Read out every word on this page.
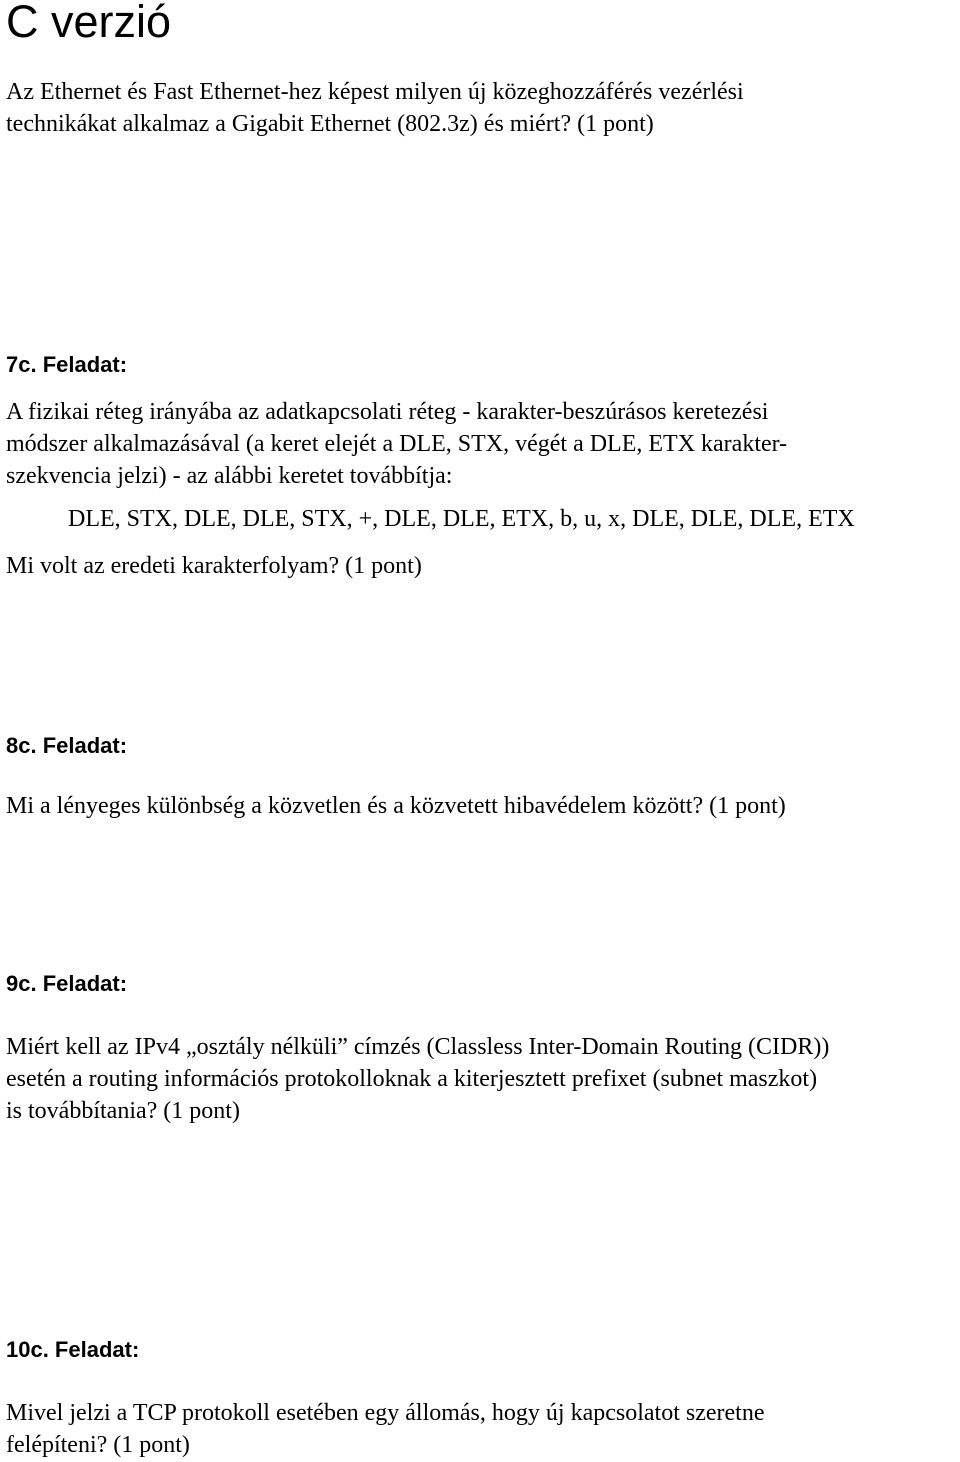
C verzió

Az Ethernet és Fast Ethernet-hez képest milyen új közeghozzáférés vezérlési
technikákat alkalmaz a Gigabit Ethernet (802.3z) és miért? (1 pont)

7c. Feladat:

A fizikai réteg irányába az adatkapcsolati réteg - karakter-beszúrásos keretezési
módszer alkalmazásával (a keret elejét a DLE, STX, végét a DLE, ETX karakter-
szekvencia jelzi) - az alábbi keretet továbbítja:

DLE, STX, DLE, DLE, STX, +, DLE, DLE, ETX, b, u, x, DLE, DLE, DLE, ETX

Mi volt az eredeti karakterfolyam? (1 pont)

8c. Feladat:

Mi a lényeges különbség a közvetlen és a közvetett hibavédelem között? (1 pont)

9c. Feladat:

Miért kell az IPv4 „osztály nélküli” címzés (Classless Inter-Domain Routing (CIDR))
esetén a routing információs protokolloknak a kiterjesztett prefixet (subnet maszkot)
is továbbítania? (1 pont)

10c. Feladat:

Mivel jelzi a TCP protokoll esetében egy állomás, hogy új kapcsolatot szeretne
felépíteni? (1 pont)
